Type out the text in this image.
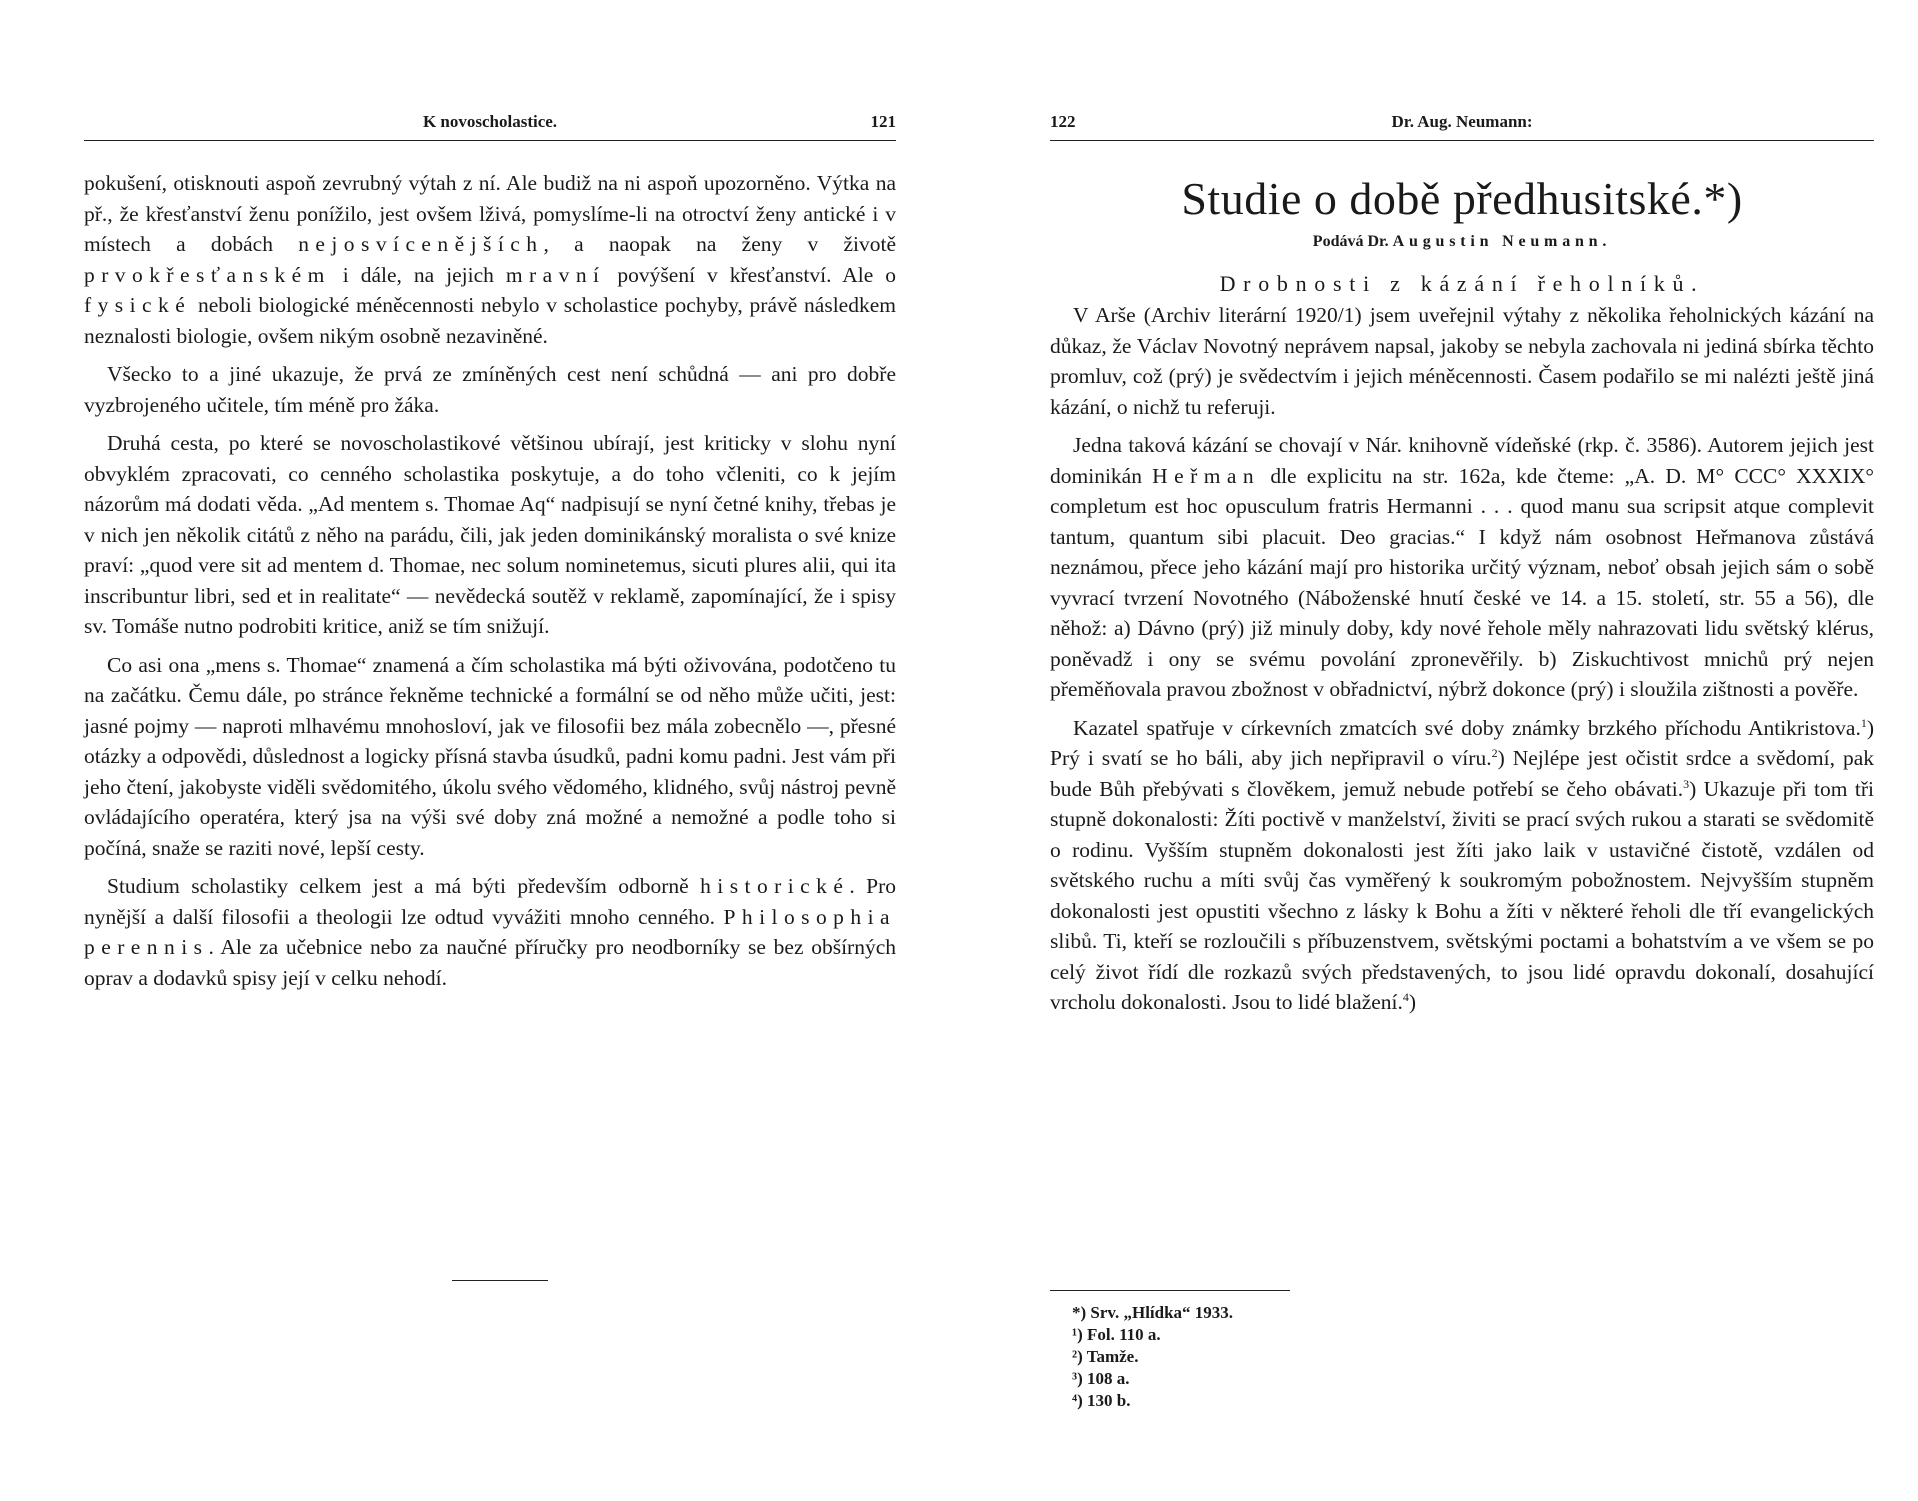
K novoscholastice.	121

pokušení, otisknouti aspoň zevrubný výtah z ní. Ale budiž na ni aspoň upozorněno. Výtka na př., že křesťanství ženu ponížilo, jest ovšem lživá, pomyslíme-li na otroctví ženy antické i v místech a dobách nejosvícenějších, a naopak na ženy v životě prvokřesťanském i dále, na jejich mravní povýšení v křesťanství. Ale o fysické neboli biologické méněcennosti nebylo v scholastice pochyby, právě následkem neznalosti biologie, ovšem nikým osobně nezaviněné.

Všecko to a jiné ukazuje, že prvá ze zmíněných cest není schůdná — ani pro dobře vyzbrojeného učitele, tím méně pro žáka.

Druhá cesta, po které se novoscholastikové většinou ubírají, jest kriticky v slohu nyní obvyklém zpracovati, co cenného scholastika poskytuje, a do toho včleniti, co k jejím názorům má dodati věda. „Ad mentem s. Thomae Aq“ nadpisují se nyní četné knihy, třebas je v nich jen několik citátů z něho na parádu, čili, jak jeden dominikánský moralista o své knize praví: „quod vere sit ad mentem d. Thomae, nec solum nominetemus, sicuti plures alii, qui ita inscribuntur libri, sed et in realitate“ — nevědecká soutěž v reklamě, zapomínající, že i spisy sv. Tomáše nutno podrobiti kritice, aniž se tím snižují.

Co asi ona „mens s. Thomae“ znamená a čím scholastika má býti oživována, podotčeno tu na začátku. Čemu dále, po stránce řekněme technické a formální se od něho může učiti, jest: jasné pojmy — naproti mlhavému mnohosloví, jak ve filosofii bez mála zobecnělo —, přesné otázky a odpovědi, důslednost a logicky přísná stavba úsudků, padni komu padni. Jest vám při jeho čtení, jakobyste viděli svědomitého, úkolu svého vědomého, klidného, svůj nástroj pevně ovládajícího operatéra, který jsa na výši své doby zná možné a nemožné a podle toho si počíná, snaže se raziti nové, lepší cesty.

Studium scholastiky celkem jest a má býti především odborně historické. Pro nynější a další filosofii a theologii lze odtud vyvážiti mnoho cenného. Philosophia perennis. Ale za učebnice nebo za naučné příručky pro neodborníky se bez obšírných oprav a dodavků spisy její v celku nehodí.

122	Dr. Aug. Neumann:
Studie o době předhusitské.*)
Podává Dr. Augustin Neumann.
Drobnosti z kázání řeholníků.

V Arše (Archiv literární 1920/1) jsem uveřejnil výtahy z několika řeholnických kázání na důkaz, že Václav Novotný neprávem napsal, jakoby se nebyla zachovala ni jediná sbírka těchto promluv, což (prý) je svědectvím i jejich méněcennosti. Časem podařilo se mi nalézti ještě jiná kázání, o nichž tu referuji.

Jedna taková kázání se chovají v Nár. knihovně vídeňské (rkp. č. 3586). Autorem jejich jest dominikán Heřman dle explicitu na str. 162a, kde čteme: „A. D. M° CCC° XXXIX° completum est hoc opusculum fratris Hermanni . . . quod manu sua scripsit atque complevit tantum, quantum sibi placuit. Deo gracias.“ I když nám osobnost Heřmanova zůstává neznámou, přece jeho kázání mají pro historika určitý význam, neboť obsah jejich sám o sobě vyvrací tvrzení Novotného (Náboženské hnutí české ve 14. a 15. století, str. 55 a 56), dle něhož: a) Dávno (prý) již minuly doby, kdy nové řehole měly nahrazovati lidu světský klérus, poněvadž i ony se svému povolání zpronevěřily. b) Ziskuchtivost mnichů prý nejen přeměňovala pravou zbožnost v obřadnictví, nýbrž dokonce (prý) i sloužila zištnosti a pověře.

Kazatel spatřuje v církevních zmatcích své doby známky brzkého příchodu Antikristova.$^1$) Prý i svatí se ho báli, aby jich nepřipravil o víru.$^2$) Nejlépe jest očistit srdce a svědomí, pak bude Bůh přebývati s člověkem, jemuž nebude potřebí se čeho obávati.$^3$) Ukazuje při tom tři stupně dokonalosti: Žíti poctivě v manželství, živiti se prací svých rukou a starati se svědomitě o rodinu. Vyšším stupněm dokonalosti jest žíti jako laik v ustavičné čistotě, vzdálen od světského ruchu a míti svůj čas vyměřený k soukromým pobožnostem. Nejvyšším stupněm dokonalosti jest opustiti všechno z lásky k Bohu a žíti v některé řeholi dle tří evangelických slibů. Ti, kteří se rozloučili s příbuzenstvem, světskými poctami a bohatstvím a ve všem se po celý život řídí dle rozkazů svých představených, to jsou lidé opravdu dokonalí, dosahující vrcholu dokonalosti. Jsou to lidé blažení.$^4$)

*) Srv. „Hlídka“ 1933.
¹) Fol. 110 a.
²) Tamže.
³) 108 a.
⁴) 130 b.
